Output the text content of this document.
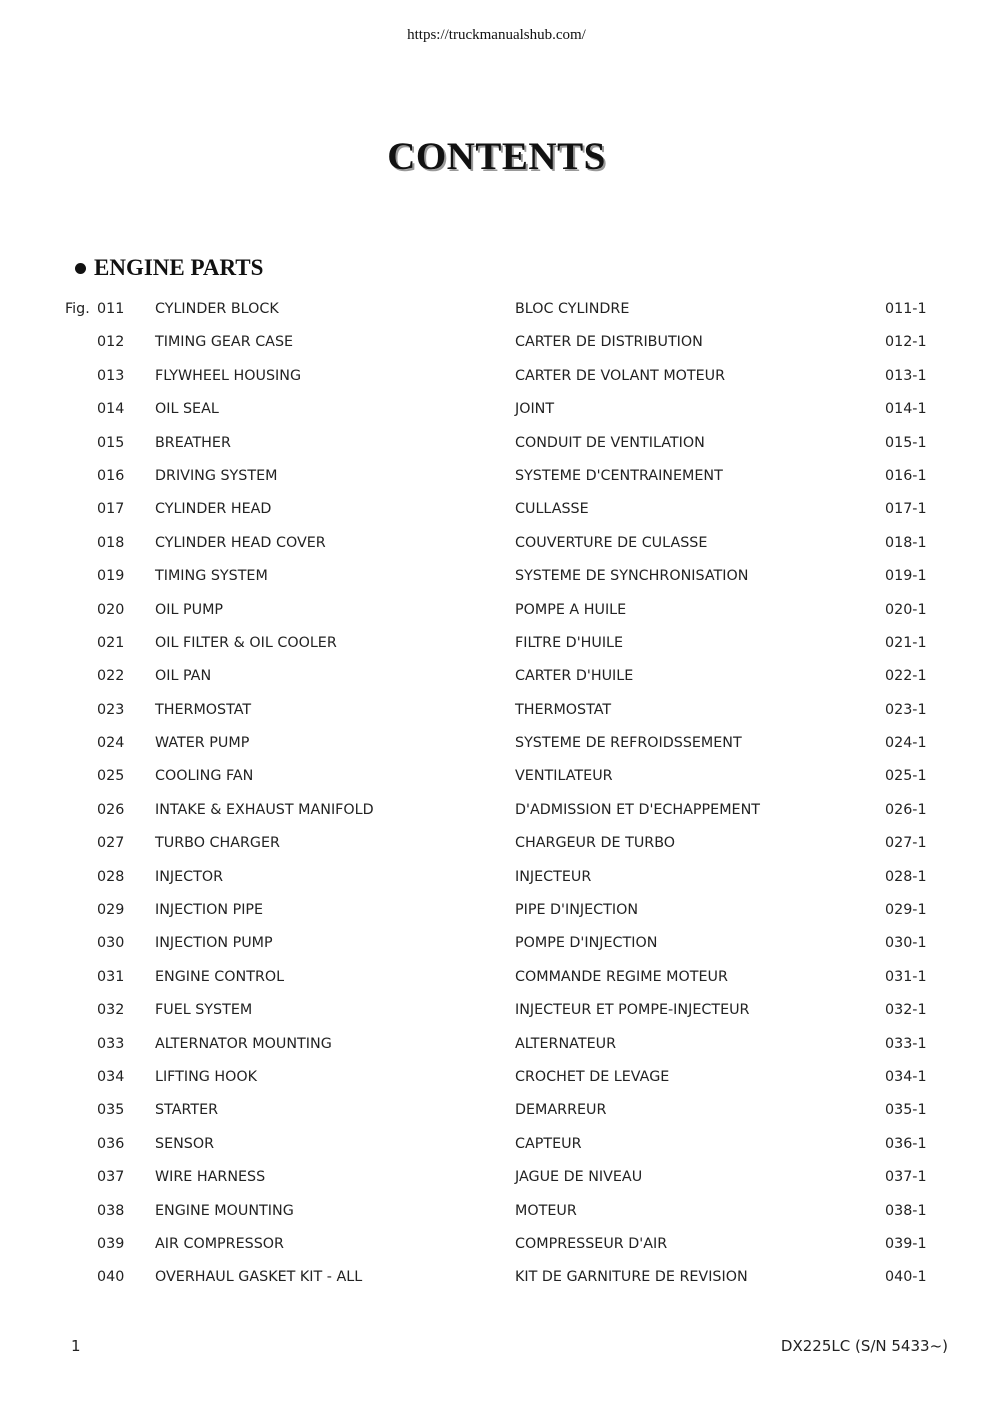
https://truckmanualshub.com/
CONTENTS
ENGINE PARTS
Fig. 011 CYLINDER BLOCK	BLOC CYLINDRE	011-1
012 TIMING GEAR CASE	CARTER DE DISTRIBUTION	012-1
013 FLYWHEEL HOUSING	CARTER DE VOLANT MOTEUR	013-1
014 OIL SEAL	JOINT	014-1
015 BREATHER	CONDUIT DE VENTILATION	015-1
016 DRIVING SYSTEM	SYSTEME D'CENTRAINEMENT	016-1
017 CYLINDER HEAD	CULLASSE	017-1
018 CYLINDER HEAD COVER	COUVERTURE DE CULASSE	018-1
019 TIMING SYSTEM	SYSTEME DE SYNCHRONISATION	019-1
020 OIL PUMP	POMPE A HUILE	020-1
021 OIL FILTER & OIL COOLER	FILTRE D'HUILE	021-1
022 OIL PAN	CARTER D'HUILE	022-1
023 THERMOSTAT	THERMOSTAT	023-1
024 WATER PUMP	SYSTEME DE REFROIDSSEMENT	024-1
025 COOLING FAN	VENTILATEUR	025-1
026 INTAKE & EXHAUST MANIFOLD	D'ADMISSION ET D'ECHAPPEMENT	026-1
027 TURBO CHARGER	CHARGEUR DE TURBO	027-1
028 INJECTOR	INJECTEUR	028-1
029 INJECTION PIPE	PIPE D'INJECTION	029-1
030 INJECTION PUMP	POMPE D'INJECTION	030-1
031 ENGINE CONTROL	COMMANDE REGIME MOTEUR	031-1
032 FUEL SYSTEM	INJECTEUR ET POMPE-INJECTEUR	032-1
033 ALTERNATOR MOUNTING	ALTERNATEUR	033-1
034 LIFTING HOOK	CROCHET DE LEVAGE	034-1
035 STARTER	DEMARREUR	035-1
036 SENSOR	CAPTEUR	036-1
037 WIRE HARNESS	JAGUE DE NIVEAU	037-1
038 ENGINE MOUNTING	MOTEUR	038-1
039 AIR COMPRESSOR	COMPRESSEUR D'AIR	039-1
040 OVERHAUL GASKET KIT - ALL	KIT DE GARNITURE DE REVISION	040-1
1	DX225LC (S/N 5433~)
